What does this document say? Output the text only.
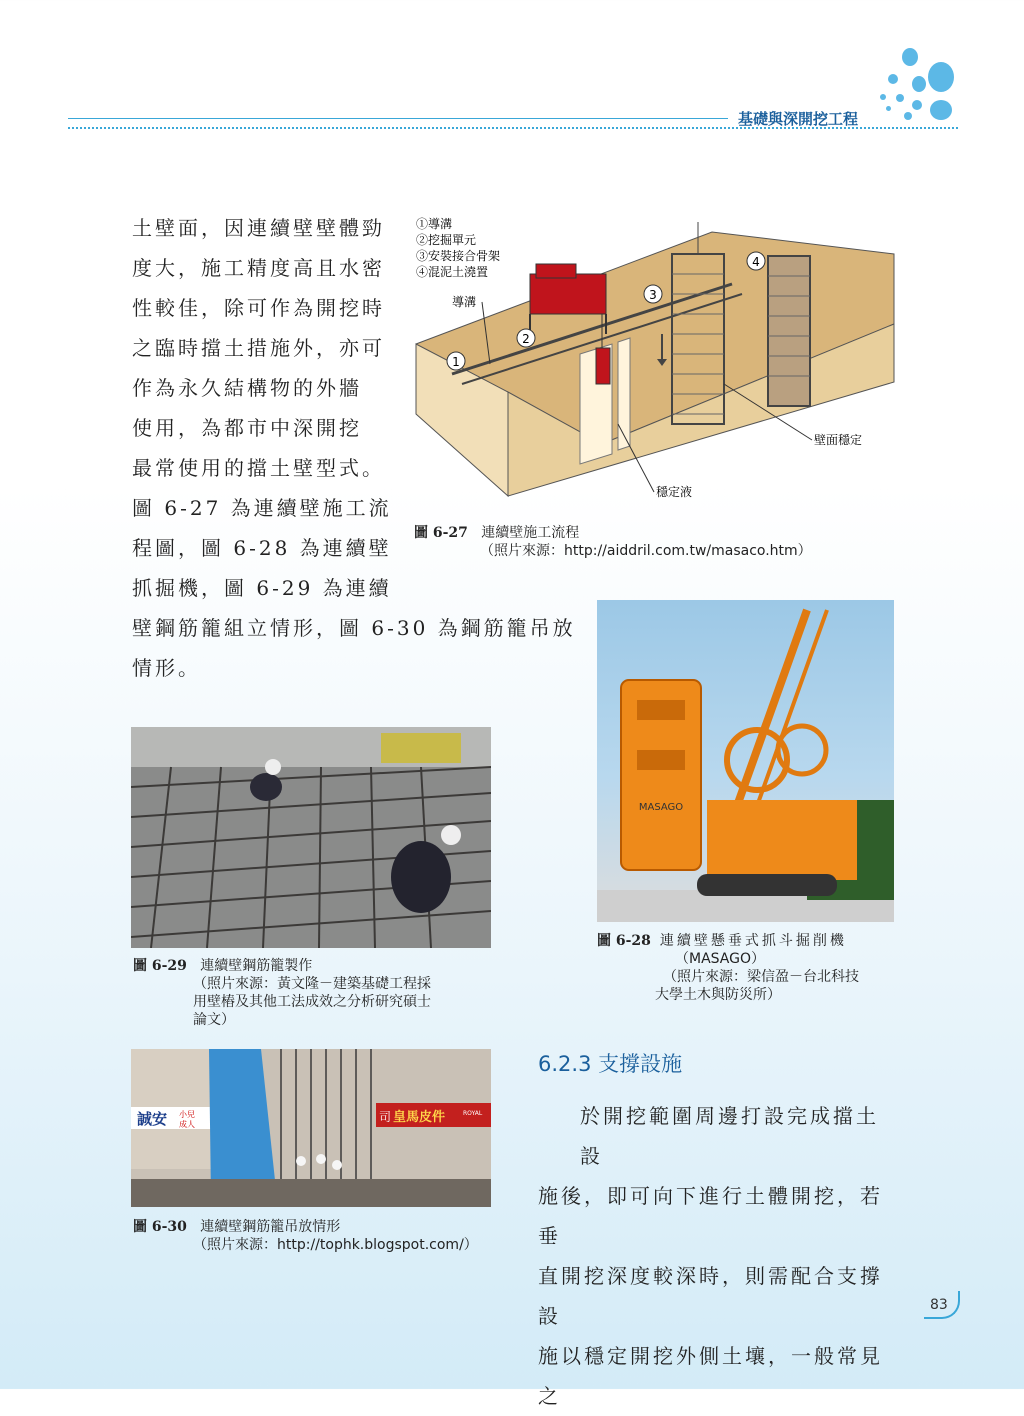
基礎與深開挖工程
土壁面，因連續壁壁體勁
度大，施工精度高且水密
性較佳，除可作為開挖時
之臨時擋土措施外，亦可
作為永久結構物的外牆
使用，為都市中深開挖
最常使用的擋土壁型式。
圖 6-27 為連續壁施工流
程圖，圖 6-28 為連續壁
抓掘機，圖 6-29 為連續
壁鋼筋籠組立情形，圖 6-30 為鋼筋籠吊放
情形。
1
2
3
4
①導溝
②挖掘單元
③安裝接合骨架
④混泥土澆置
導溝
壁面穩定
穩定液
圖 6-27 連續壁施工流程
（照片來源：http://aiddril.com.tw/masaco.htm）
MASAGO
圖 6-28 連續壁懸垂式抓斗掘削機
（MASAGO）
（照片來源：梁信盈－台北科技
大學土木與防災所）
圖 6-29 連續壁鋼筋籠製作
（照片來源：黃文隆－建築基礎工程採
用壁樁及其他工法成效之分析研究碩士
論文）
誠安 小兒
成人	皇馬皮件
司	ROYAL
圖 6-30 連續壁鋼筋籠吊放情形
（照片來源：http://tophk.blogspot.com/）
6.2.3 支撐設施
於開挖範圍周邊打設完成擋土設
施後，即可向下進行土體開挖，若垂
直開挖深度較深時，則需配合支撐設
施以穩定開挖外側土壤，一般常見之
83
